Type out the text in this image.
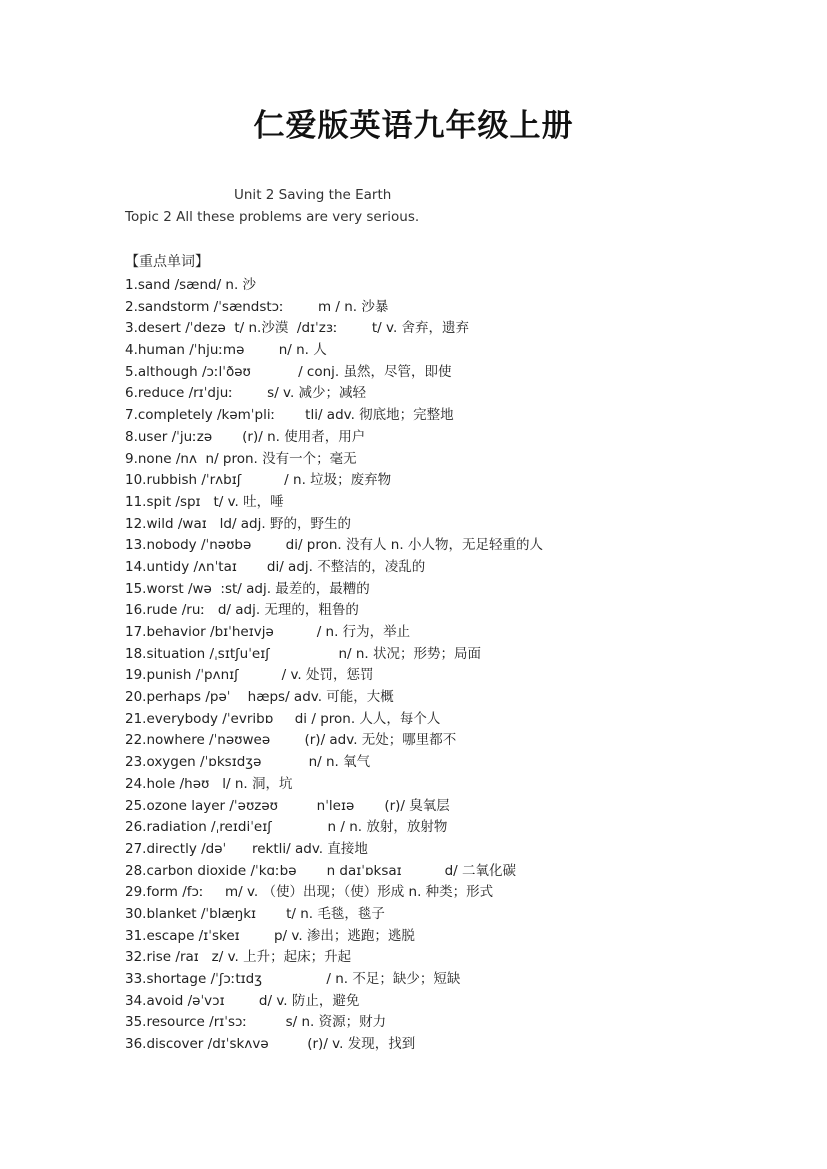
仁爱版英语九年级上册
Unit 2 Saving the Earth
Topic 2 All these problems are very serious.
【重点单词】
1.sand /sænd/ n. 沙
2.sandstorm /ˈsændstɔː        m / n. 沙暴
3.desert /ˈdezə  t/ n.沙漠  /dɪˈzɜː        t/ v. 舍弃，遗弃
4.human /ˈhjuːmə        n/ n. 人
5.although /ɔːlˈðəʊ           / conj. 虽然，尽管，即使
6.reduce /rɪˈdjuː        s/ v. 减少；减轻
7.completely /kəmˈpliː       tli/ adv. 彻底地；完整地
8.user /ˈjuːzə       (r)/ n. 使用者，用户
9.none /nʌ  n/ pron. 没有一个；毫无
10.rubbish /ˈrʌbɪʃ          / n. 垃圾；废弃物
11.spit /spɪ   t/ v. 吐，唾
12.wild /waɪ   ld/ adj. 野的，野生的
13.nobody /ˈnəʊbə        di/ pron. 没有人 n. 小人物，无足轻重的人
14.untidy /ʌnˈtaɪ       di/ adj. 不整洁的，凌乱的
15.worst /wə  :st/ adj. 最差的，最糟的
16.rude /ruː   d/ adj. 无理的，粗鲁的
17.behavior /bɪˈheɪvjə          / n. 行为，举止
18.situation /ˌsɪtʃuˈeɪʃ                n/ n. 状况；形势；局面
19.punish /ˈpʌnɪʃ          / v. 处罚，惩罚
20.perhaps /pəˈ    hæps/ adv. 可能，大概
21.everybody /ˈevribɒ     di / pron. 人人，每个人
22.nowhere /ˈnəʊweə        (r)/ adv. 无处；哪里都不
23.oxygen /ˈɒksɪdʒə           n/ n. 氧气
24.hole /həʊ   l/ n. 洞，坑
25.ozone layer /ˈəʊzəʊ         nˈleɪə       (r)/ 臭氧层
26.radiation /ˌreɪdiˈeɪʃ             n / n. 放射，放射物
27.directly /dəˈ      rektli/ adv. 直接地
28.carbon dioxide /ˈkɑːbə       n daɪˈɒksaɪ          d/ 二氧化碳
29.form /fɔː     m/ v. （使）出现；（使）形成 n. 种类；形式
30.blanket /ˈblæŋkɪ       t/ n. 毛毯，毯子
31.escape /ɪˈskeɪ        p/ v. 渗出；逃跑；逃脱
32.rise /raɪ   z/ v. 上升；起床；升起
33.shortage /ˈʃɔːtɪdʒ               / n. 不足；缺少；短缺
34.avoid /əˈvɔɪ        d/ v. 防止，避免
35.resource /rɪˈsɔː         s/ n. 资源；财力
36.discover /dɪˈskʌvə         (r)/ v. 发现，找到
